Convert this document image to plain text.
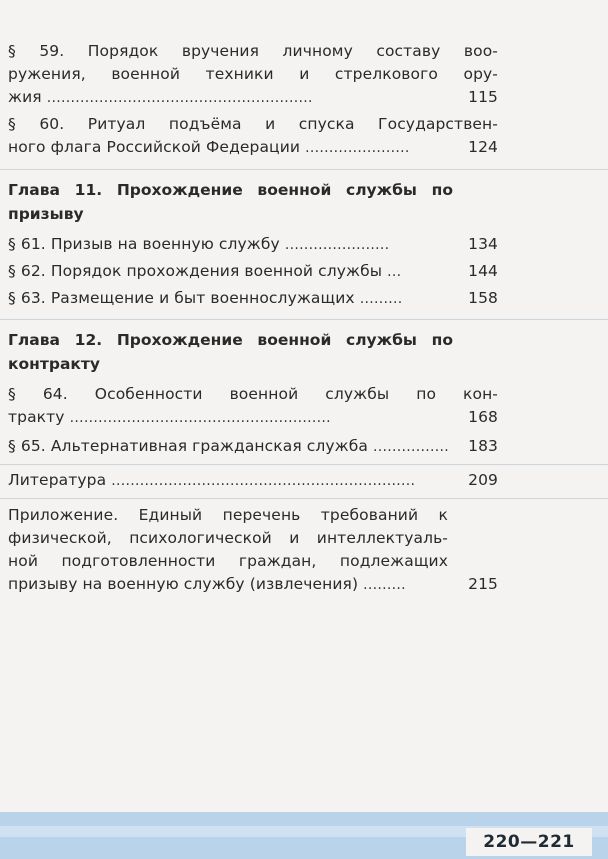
§ 59. Порядок вручения личному составу воо-
ружения, военной техники и стрелкового ору-
жия ........................................................	115
§ 60. Ритуал подъёма и спуска Государствен-
ного флага Российской Федерации ......................	124
Глава 11. Прохождение военной службы по
призыву
§ 61. Призыв на военную службу ......................	134
§ 62. Порядок прохождения военной службы ...	144
§ 63. Размещение и быт военнослужащих .........	158
Глава 12. Прохождение военной службы по
контракту
§ 64. Особенности военной службы по кон-
тракту .......................................................	168
§ 65. Альтернативная гражданская служба ................ 183
Литература ................................................................	209
Приложение. Единый перечень требований к
физической, психологической и интеллектуаль-
ной подготовленности граждан, подлежащих
призыву на военную службу (извлечения) .........	215
220—221
